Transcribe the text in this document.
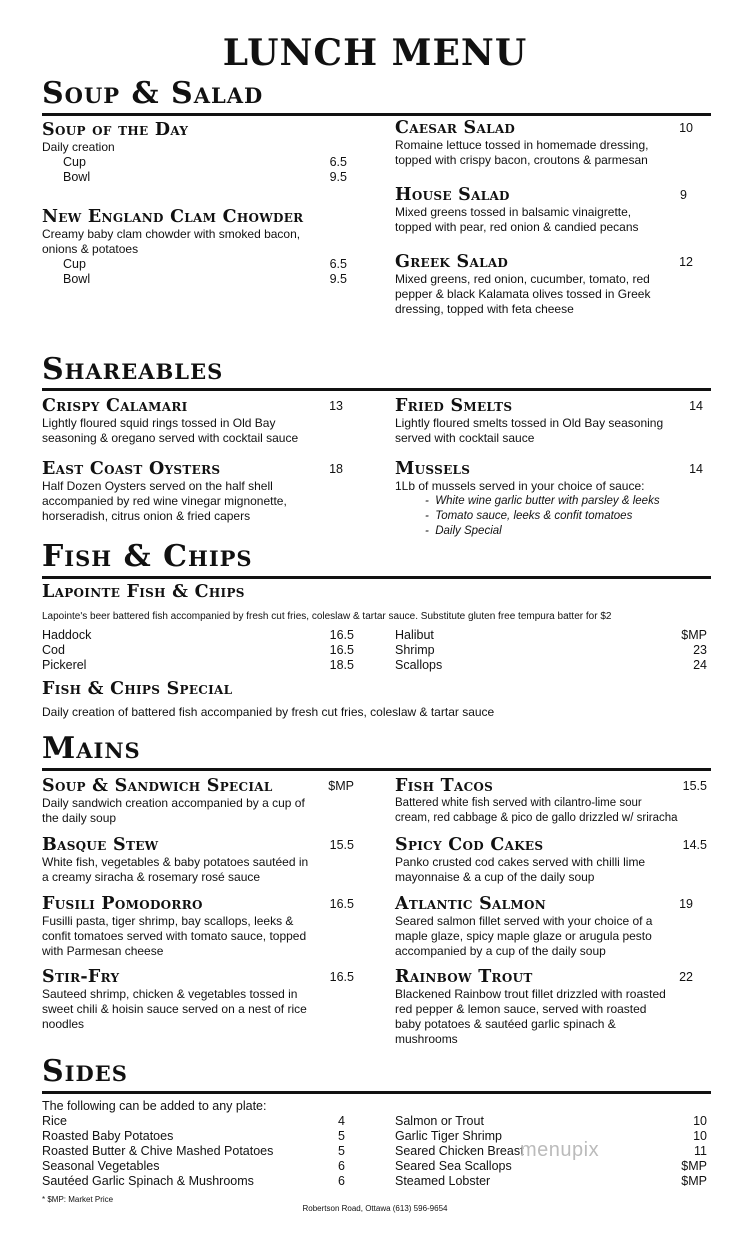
LUNCH MENU
Soup & Salad
Soup of the Day
Daily creation
Cup	6.5
Bowl	9.5
New England Clam Chowder
Creamy baby clam chowder with smoked bacon,
onions & potatoes
Cup	6.5
Bowl	9.5
Caesar Salad	10
Romaine lettuce tossed in homemade dressing,
topped with crispy bacon, croutons & parmesan
House Salad	9
Mixed greens tossed in balsamic vinaigrette,
topped with pear, red onion & candied pecans
Greek Salad	12
Mixed greens, red onion, cucumber, tomato, red
pepper & black Kalamata olives tossed in Greek
dressing, topped with feta cheese
Shareables
Crispy Calamari	13
Lightly floured squid rings tossed in Old Bay
seasoning & oregano served with cocktail sauce
East Coast Oysters	18
Half Dozen Oysters served on the half shell
accompanied by red wine vinegar mignonette,
horseradish, citrus onion & fried capers
Fried Smelts	14
Lightly floured smelts tossed in Old Bay seasoning
served with cocktail sauce
Mussels	14
1Lb of mussels served in your choice of sauce:
-  White wine garlic butter with parsley & leeks
-  Tomato sauce, leeks & confit tomatoes
-  Daily Special
Fish & Chips
Lapointe Fish & Chips
Lapointe's beer battered fish accompanied by fresh cut fries, coleslaw & tartar sauce. Substitute gluten free tempura batter for $2
Haddock	16.5
Cod	16.5
Pickerel	18.5
Halibut	$MP
Shrimp	23
Scallops	24
Fish & Chips Special
Daily creation of battered fish accompanied by fresh cut fries, coleslaw & tartar sauce
Mains
Soup & Sandwich Special	$MP
Daily sandwich creation accompanied by a cup of
the daily soup
Basque Stew	15.5
White fish, vegetables & baby potatoes sautéed in
a creamy siracha & rosemary rosé sauce
Fusili Pomodorro	16.5
Fusilli pasta, tiger shrimp, bay scallops, leeks &
confit tomatoes served with tomato sauce, topped
with Parmesan cheese
Stir-Fry	16.5
Sauteed shrimp, chicken & vegetables tossed in
sweet chili & hoisin sauce served on a nest of rice
noodles
Fish Tacos	15.5
Battered white fish served with cilantro-lime sour
cream, red cabbage & pico de gallo drizzled w/ sriracha
Spicy Cod Cakes	14.5
Panko crusted cod cakes served with chilli lime
mayonnaise & a cup of the daily soup
Atlantic Salmon	19
Seared salmon fillet served with your choice of a
maple glaze, spicy maple glaze or arugula pesto
accompanied by a cup of the daily soup
Rainbow Trout	22
Blackened Rainbow trout fillet drizzled with roasted
red pepper & lemon sauce, served with roasted
baby potatoes & sautéed garlic spinach &
mushrooms
Sides
The following can be added to any plate:
Rice	4
Roasted Baby Potatoes	5
Roasted Butter & Chive Mashed Potatoes	5
Seasonal Vegetables	6
Sautéed Garlic Spinach & Mushrooms	6
Salmon or Trout	10
Garlic Tiger Shrimp	10
Seared Chicken Breast	11
Seared Sea Scallops	$MP
Steamed Lobster	$MP
menupix
* $MP: Market Price
Robertson Road, Ottawa (613) 596-9654
